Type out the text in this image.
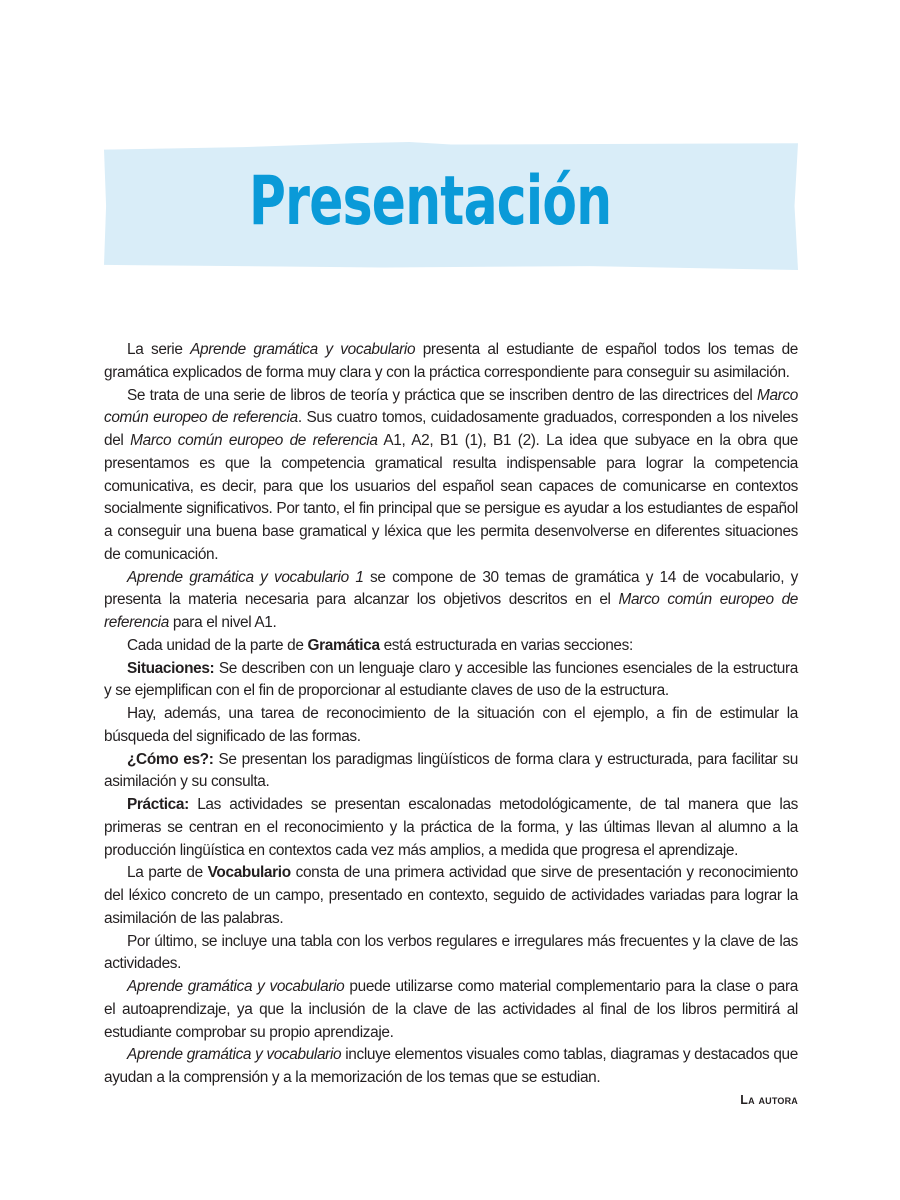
Presentación

La serie Aprende gramática y vocabulario presenta al estudiante de español todos los temas de gramática explicados de forma muy clara y con la práctica correspondiente para conseguir su asimilación.

Se trata de una serie de libros de teoría y práctica que se inscriben dentro de las directrices del Marco común europeo de referencia. Sus cuatro tomos, cuidadosamente graduados, corresponden a los niveles del Marco común europeo de referencia A1, A2, B1 (1), B1 (2). La idea que subyace en la obra que presentamos es que la competencia gramatical resulta indispensable para lograr la competencia comunicativa, es decir, para que los usuarios del español sean capaces de comunicarse en contextos socialmente significativos. Por tanto, el fin principal que se persigue es ayudar a los estudiantes de español a conseguir una buena base gramatical y léxica que les permita desenvolverse en diferentes situaciones de comunicación.

Aprende gramática y vocabulario 1 se compone de 30 temas de gramática y 14 de vocabulario, y presenta la materia necesaria para alcanzar los objetivos descritos en el Marco común europeo de referencia para el nivel A1.

Cada unidad de la parte de Gramática está estructurada en varias secciones:

Situaciones: Se describen con un lenguaje claro y accesible las funciones esenciales de la estructura y se ejemplifican con el fin de proporcionar al estudiante claves de uso de la estructura.

Hay, además, una tarea de reconocimiento de la situación con el ejemplo, a fin de estimular la búsqueda del significado de las formas.

¿Cómo es?: Se presentan los paradigmas lingüísticos de forma clara y estructurada, para facilitar su asimilación y su consulta.

Práctica: Las actividades se presentan escalonadas metodológicamente, de tal manera que las primeras se centran en el reconocimiento y la práctica de la forma, y las últimas llevan al alumno a la producción lingüística en contextos cada vez más amplios, a medida que progresa el aprendizaje.

La parte de Vocabulario consta de una primera actividad que sirve de presentación y reconocimiento del léxico concreto de un campo, presentado en contexto, seguido de actividades variadas para lograr la asimilación de las palabras.

Por último, se incluye una tabla con los verbos regulares e irregulares más frecuentes y la clave de las actividades.

Aprende gramática y vocabulario puede utilizarse como material complementario para la clase o para el autoaprendizaje, ya que la inclusión de la clave de las actividades al final de los libros permitirá al estudiante comprobar su propio aprendizaje.

Aprende gramática y vocabulario incluye elementos visuales como tablas, diagramas y destacados que ayudan a la comprensión y a la memorización de los temas que se estudian.

La autora
